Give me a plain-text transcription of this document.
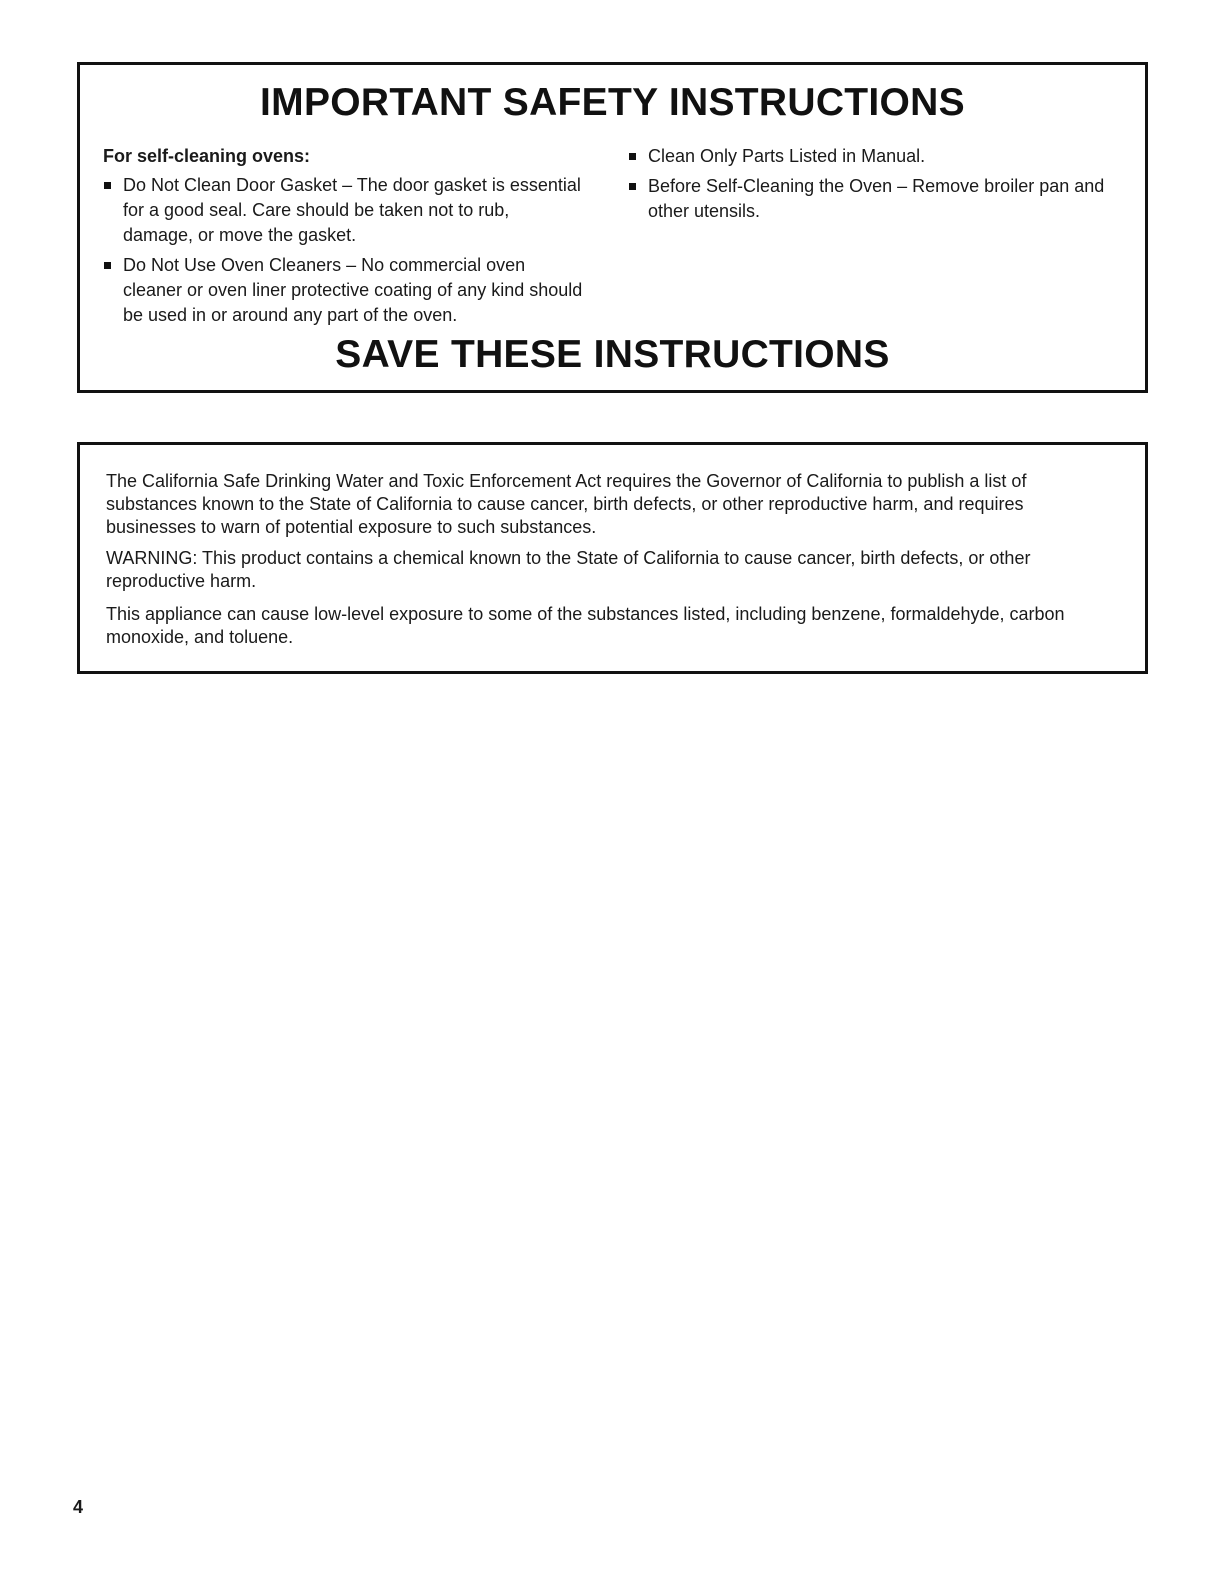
IMPORTANT SAFETY INSTRUCTIONS

For self-cleaning ovens:

Do Not Clean Door Gasket – The door gasket is essential for a good seal. Care should be taken not to rub, damage, or move the gasket.
Do Not Use Oven Cleaners – No commercial oven cleaner or oven liner protective coating of any kind should be used in or around any part of the oven.
Clean Only Parts Listed in Manual.
Before Self-Cleaning the Oven – Remove broiler pan and other utensils.
SAVE THESE INSTRUCTIONS

The California Safe Drinking Water and Toxic Enforcement Act requires the Governor of California to publish a list of substances known to the State of California to cause cancer, birth defects, or other reproductive harm, and requires businesses to warn of potential exposure to such substances.

WARNING: This product contains a chemical known to the State of California to cause cancer, birth defects, or other reproductive harm.

This appliance can cause low-level exposure to some of the substances listed, including benzene, formaldehyde, carbon monoxide, and toluene.

4
